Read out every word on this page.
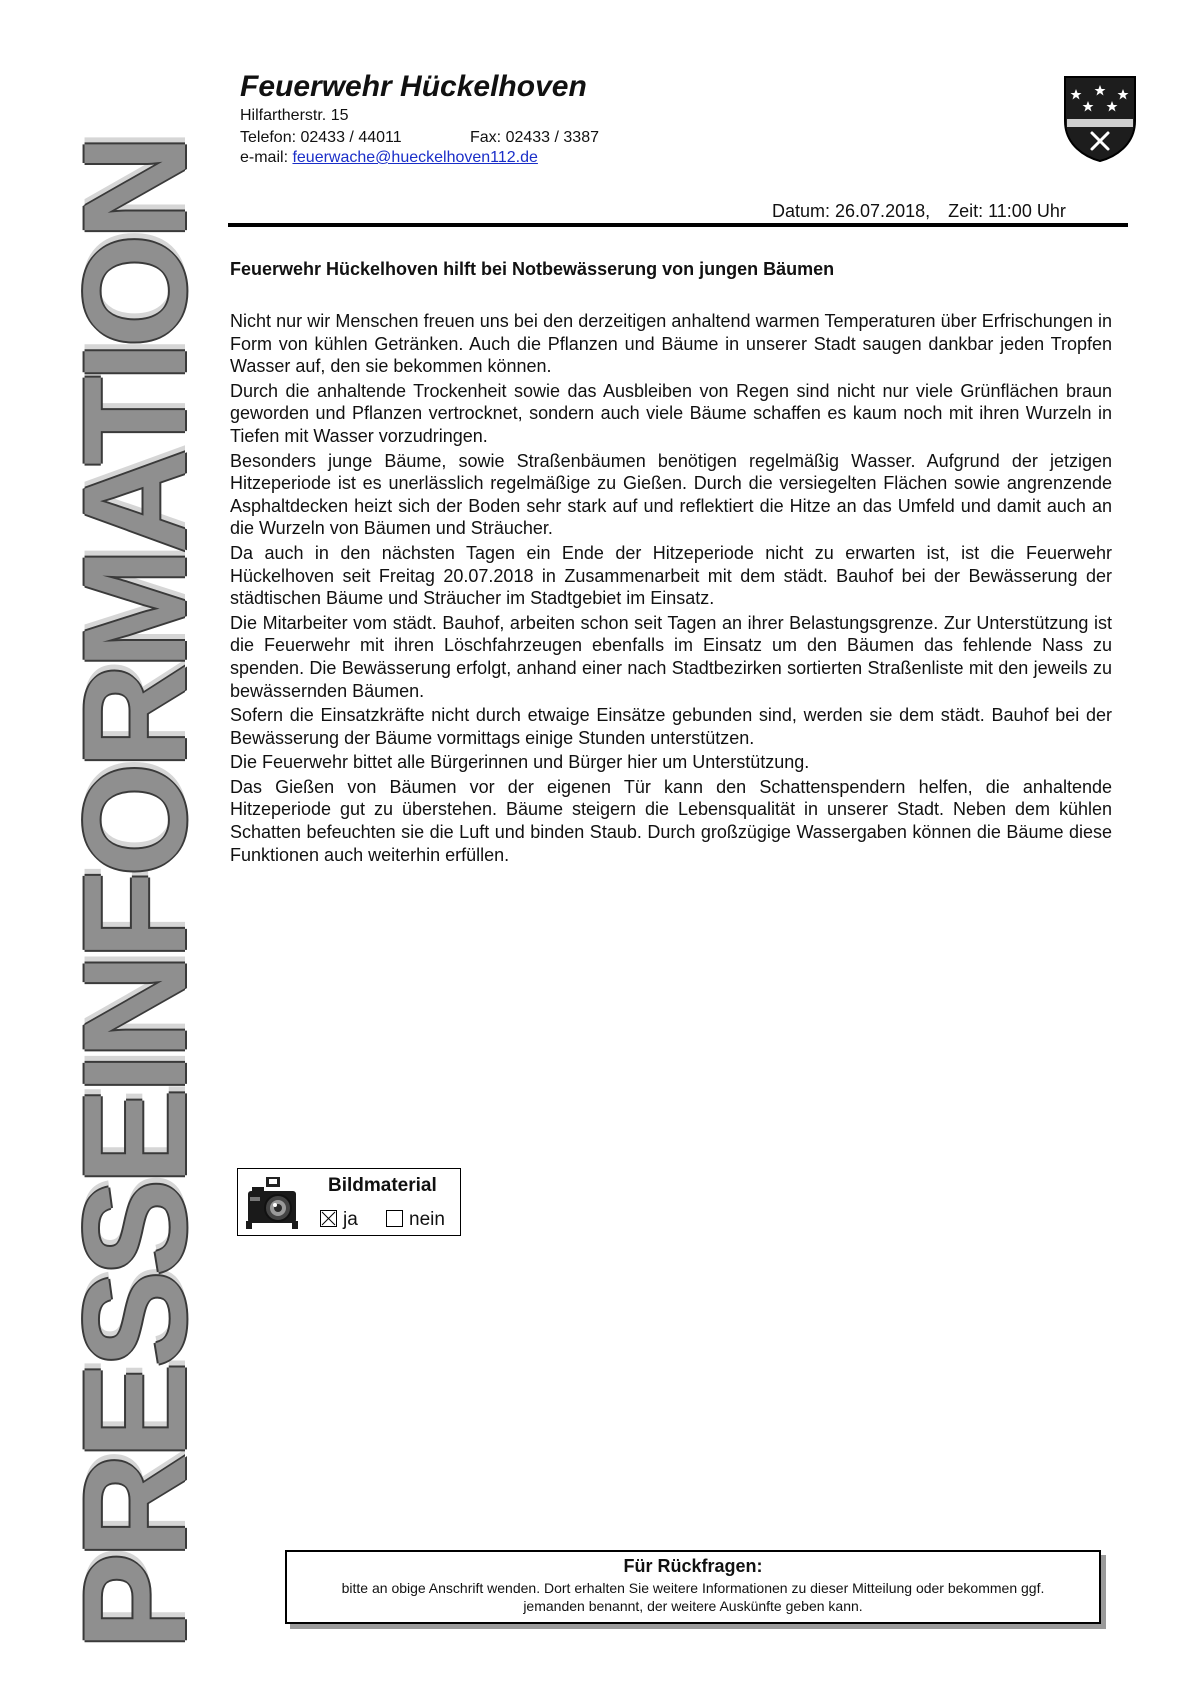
PRESSEINFORMATION
Feuerwehr Hückelhoven
Hilfartherstr. 15
Telefon: 02433 / 44011	Fax: 02433 / 3387
e-mail: feuerwache@hueckelhoven112.de
Datum: 26.07.2018, Zeit: 11:00 Uhr
Feuerwehr Hückelhoven hilft bei Notbewässerung von jungen Bäumen

Nicht nur wir Menschen freuen uns bei den derzeitigen anhaltend warmen Temperaturen über Erfrischungen in Form von kühlen Getränken. Auch die Pflanzen und Bäume in unserer Stadt saugen dankbar jeden Tropfen Wasser auf, den sie bekommen können.

Durch die anhaltende Trockenheit sowie das Ausbleiben von Regen sind nicht nur viele Grünflächen braun geworden und Pflanzen vertrocknet, sondern auch viele Bäume schaffen es kaum noch mit ihren Wurzeln in Tiefen mit Wasser vorzudringen.

Besonders junge Bäume, sowie Straßenbäumen benötigen regelmäßig Wasser. Aufgrund der jetzigen Hitzeperiode ist es unerlässlich regelmäßige zu Gießen. Durch die versiegelten Flächen sowie angrenzende Asphaltdecken heizt sich der Boden sehr stark auf und reflektiert die Hitze an das Umfeld und damit auch an die Wurzeln von Bäumen und Sträucher.

Da auch in den nächsten Tagen ein Ende der Hitzeperiode nicht zu erwarten ist, ist die Feuerwehr Hückelhoven seit Freitag 20.07.2018 in Zusammenarbeit mit dem städt. Bauhof bei der Bewässerung der städtischen Bäume und Sträucher im Stadtgebiet im Einsatz.

Die Mitarbeiter vom städt. Bauhof, arbeiten schon seit Tagen an ihrer Belastungsgrenze. Zur Unterstützung ist die Feuerwehr mit ihren Löschfahrzeugen ebenfalls im Einsatz um den Bäumen das fehlende Nass zu spenden. Die Bewässerung erfolgt, anhand einer nach Stadtbezirken sortierten Straßenliste mit den jeweils zu bewässernden Bäumen.

Sofern die Einsatzkräfte nicht durch etwaige Einsätze gebunden sind, werden sie dem städt. Bauhof bei der Bewässerung der Bäume vormittags einige Stunden unterstützen.

Die Feuerwehr bittet alle Bürgerinnen und Bürger hier um Unterstützung.

Das Gießen von Bäumen vor der eigenen Tür kann den Schattenspendern helfen, die anhaltende Hitzeperiode gut zu überstehen. Bäume steigern die Lebensqualität in unserer Stadt. Neben dem kühlen Schatten befeuchten sie die Luft und binden Staub. Durch großzügige Wassergaben können die Bäume diese Funktionen auch weiterhin erfüllen.

Bildmaterial
ja	nein
Für Rückfragen:
bitte an obige Anschrift wenden. Dort erhalten Sie weitere Informationen zu dieser Mitteilung oder bekommen ggf. jemanden benannt, der weitere Auskünfte geben kann.
